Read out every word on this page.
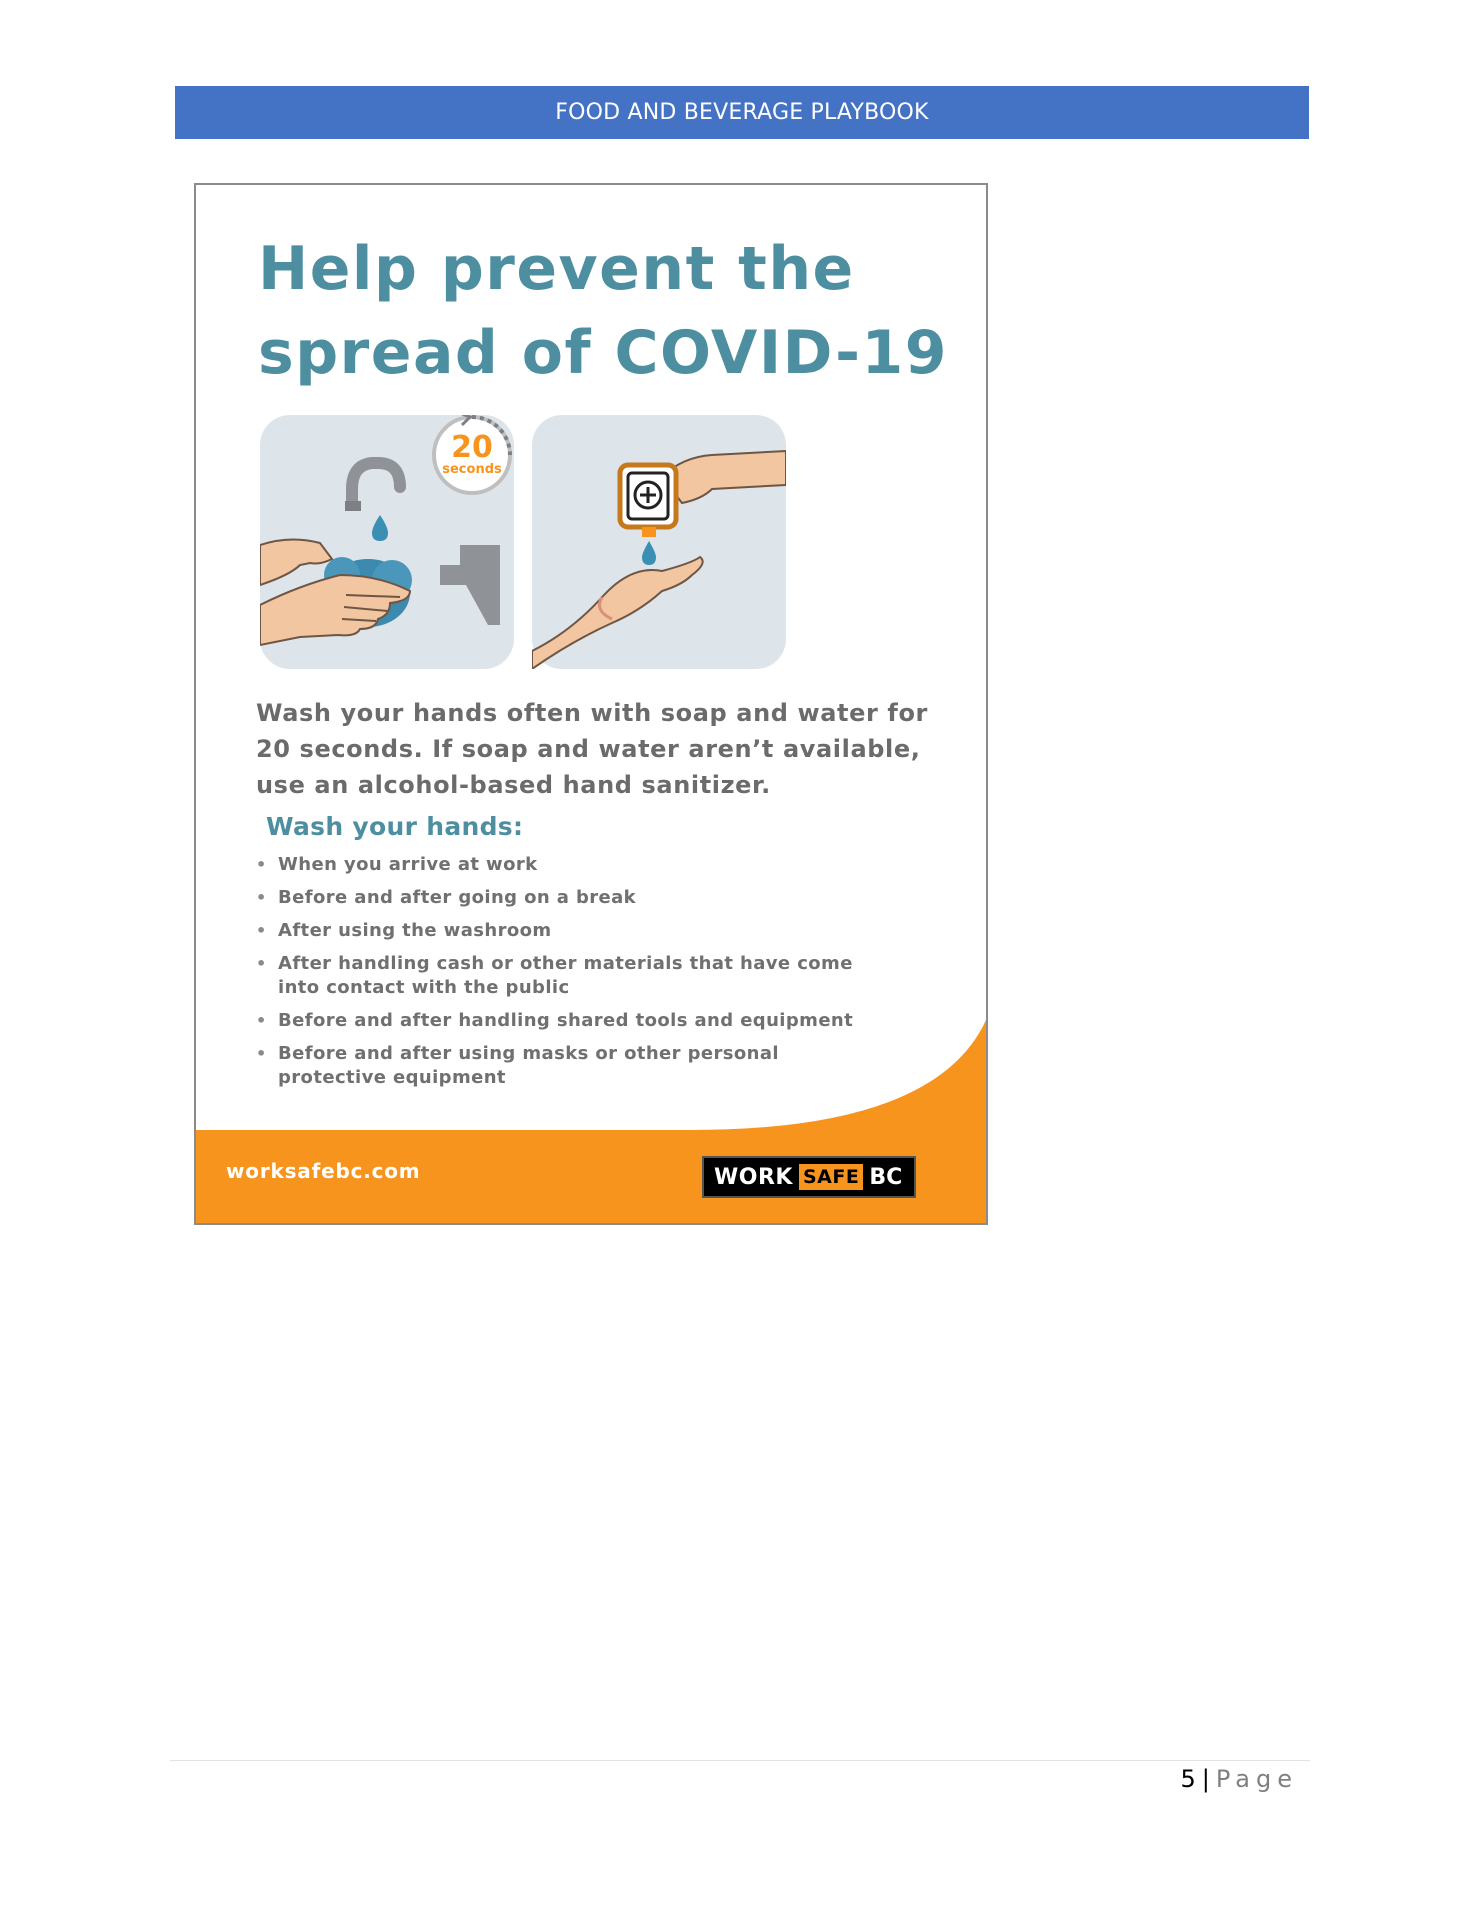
FOOD AND BEVERAGE PLAYBOOK
Help prevent the
spread of COVID-19
20
seconds
Wash your hands often with soap and water for
20 seconds. If soap and water aren’t available,
use an alcohol-based hand sanitizer.
Wash your hands:
• When you arrive at work
• Before and after going on a break
• After using the washroom
• After handling cash or other materials that have come
into contact with the public
• Before and after handling shared tools and equipment
• Before and after using masks or other personal
protective equipment
worksafebc.com	WORK SAFE BC
5 | Page
